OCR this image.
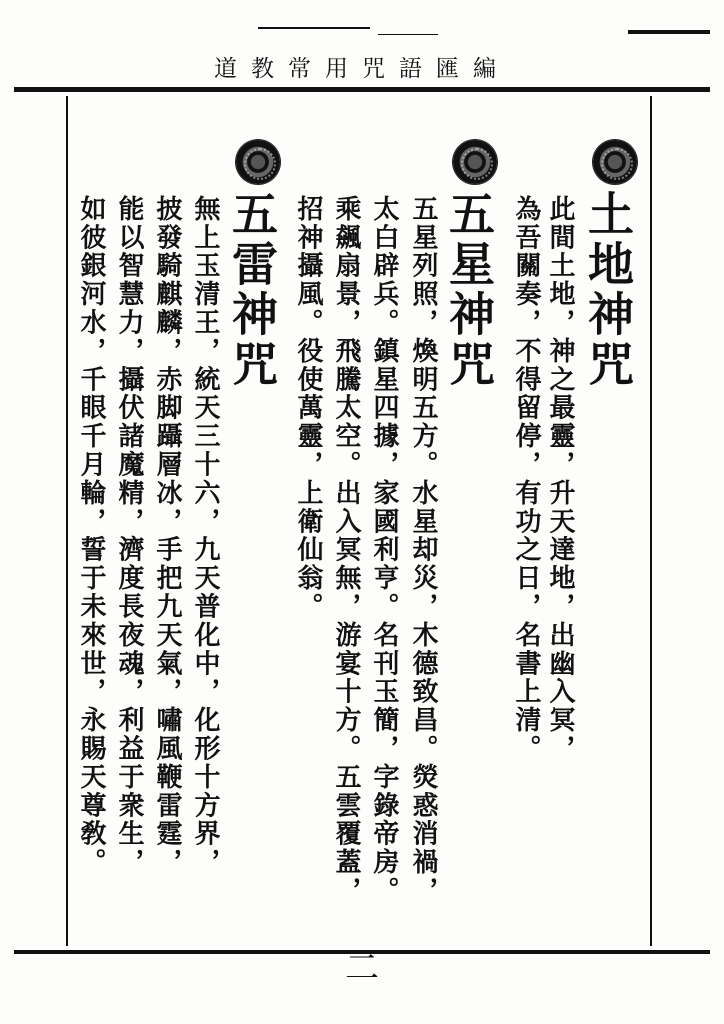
道教常用咒語匯編
土地神咒
此間土地，神之最靈，升天達地，出幽入冥，
為吾關奏，不得留停，有功之日，名書上清。
五星神咒
五星列照，煥明五方。水星却災，木德致昌。熒惑消禍，
太白辟兵。鎮星四據，家國利亨。名刊玉簡，字錄帝房。
乘飆扇景，飛騰太空。出入冥無，游宴十方。五雲覆蓋，
招神攝風。役使萬靈，上衛仙翁。
五雷神咒
無上玉清王，統天三十六，九天普化中，化形十方界，
披發騎麒麟，赤脚躡層冰，手把九天氣，嘯風鞭雷霆，
能以智慧力，攝伏諸魔精，濟度長夜魂，利益于衆生，
如彼銀河水，千眼千月輪，誓于未來世，永賜天尊敎。
二
